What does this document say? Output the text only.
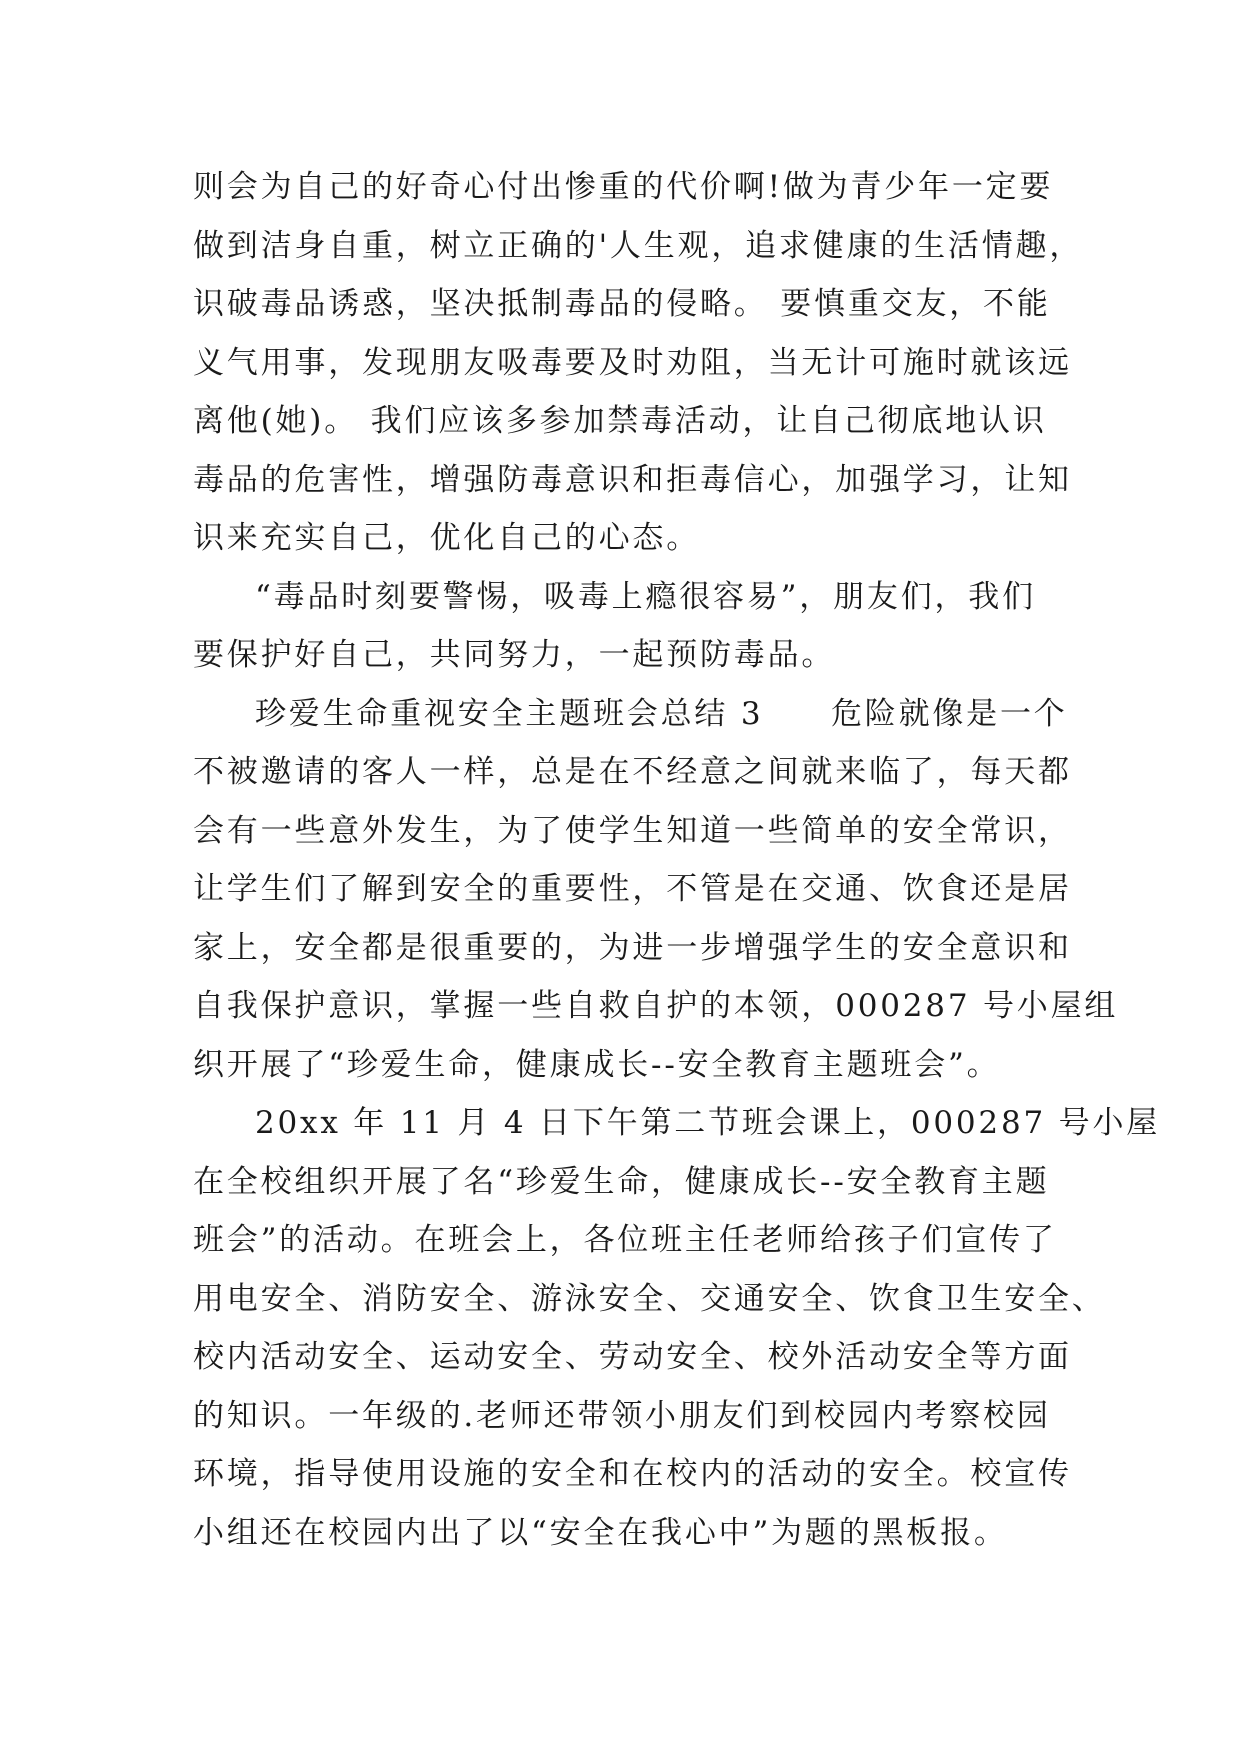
则会为自己的好奇心付出惨重的代价啊!做为青少年一定要
做到洁身自重，树立正确的'人生观，追求健康的生活情趣，
识破毒品诱惑，坚决抵制毒品的侵略。 要慎重交友，不能
义气用事，发现朋友吸毒要及时劝阻，当无计可施时就该远
离他(她)。 我们应该多参加禁毒活动，让自己彻底地认识
毒品的危害性，增强防毒意识和拒毒信心，加强学习，让知
识来充实自己，优化自己的心态。
“毒品时刻要警惕，吸毒上瘾很容易”，朋友们，我们
要保护好自己，共同努力，一起预防毒品。
珍爱生命重视安全主题班会总结 3　　危险就像是一个
不被邀请的客人一样，总是在不经意之间就来临了，每天都
会有一些意外发生，为了使学生知道一些简单的安全常识，
让学生们了解到安全的重要性，不管是在交通、饮食还是居
家上，安全都是很重要的，为进一步增强学生的安全意识和
自我保护意识，掌握一些自救自护的本领，000287 号小屋组
织开展了“珍爱生命，健康成长--安全教育主题班会”。
20xx 年 11 月 4 日下午第二节班会课上，000287 号小屋
在全校组织开展了名“珍爱生命，健康成长--安全教育主题
班会”的活动。在班会上，各位班主任老师给孩子们宣传了
用电安全、消防安全、游泳安全、交通安全、饮食卫生安全、
校内活动安全、运动安全、劳动安全、校外活动安全等方面
的知识。一年级的.老师还带领小朋友们到校园内考察校园
环境，指导使用设施的安全和在校内的活动的安全。校宣传
小组还在校园内出了以“安全在我心中”为题的黑板报。
